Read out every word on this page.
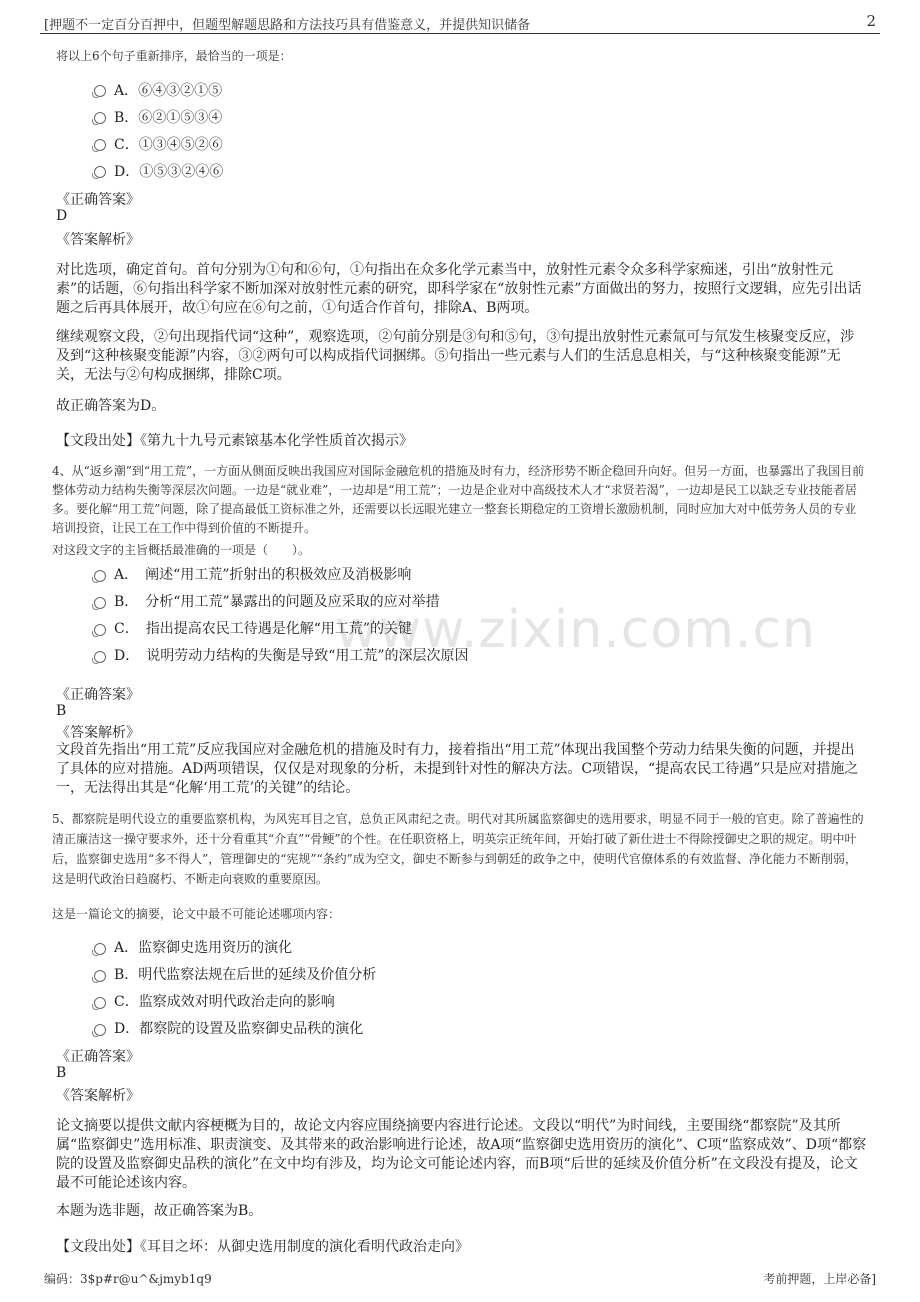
[押题不一定百分百押中，但题型解题思路和方法技巧具有借鉴意义，并提供知识储备	2
www.zixin.com.cn
将以上6个句子重新排序，最恰当的一项是：
A．⑥④③②①⑤
B．⑥②①⑤③④
C．①③④⑤②⑥
D．①⑤③②④⑥
《正确答案》
D
《答案解析》
对比选项，确定首句。首句分别为①句和⑥句，①句指出在众多化学元素当中，放射性元素令众多科学家痴迷，引出“放射性元素”的话题，⑥句指出科学家不断加深对放射性元素的研究，即科学家在“放射性元素”方面做出的努力，按照行文逻辑，应先引出话题之后再具体展开，故①句应在⑥句之前，①句适合作首句，排除A、B两项。
继续观察文段，②句出现指代词“这种”，观察选项，②句前分别是③句和⑤句，③句提出放射性元素氚可与氘发生核聚变反应，涉及到“这种核聚变能源”内容，③②两句可以构成指代词捆绑。⑤句指出一些元素与人们的生活息息相关，与“这种核聚变能源”无关，无法与②句构成捆绑，排除C项。
故正确答案为D。
【文段出处】《第九十九号元素锿基本化学性质首次揭示》
4、从“返乡潮”到“用工荒”，一方面从侧面反映出我国应对国际金融危机的措施及时有力，经济形势不断企稳回升向好。但另一方面，也暴露出了我国目前整体劳动力结构失衡等深层次问题。一边是“就业难”，一边却是“用工荒”；一边是企业对中高级技术人才“求贤若渴”，一边却是民工以缺乏专业技能者居多。要化解“用工荒”问题，除了提高最低工资标准之外，还需要以长远眼光建立一整套长期稳定的工资增长激励机制，同时应加大对中低劳务人员的专业培训投资，让民工在工作中得到价值的不断提升。
对这段文字的主旨概括最准确的一项是（　　）。
A．　阐述“用工荒”折射出的积极效应及消极影响
B．　分析“用工荒”暴露出的问题及应采取的应对举措
C．　指出提高农民工待遇是化解“用工荒”的关键
D．　说明劳动力结构的失衡是导致“用工荒”的深层次原因
《正确答案》
B
《答案解析》
文段首先指出“用工荒”反应我国应对金融危机的措施及时有力，接着指出“用工荒”体现出我国整个劳动力结果失衡的问题，并提出了具体的应对措施。AD两项错误，仅仅是对现象的分析，未提到针对性的解决方法。C项错误，“提高农民工待遇”只是应对措施之一，无法得出其是“化解‘用工荒’的关键”的结论。
5、都察院是明代设立的重要监察机构，为风宪耳目之官，总负正风肃纪之责。明代对其所属监察御史的选用要求，明显不同于一般的官吏。除了普遍性的清正廉洁这一操守要求外，还十分看重其“介直”“骨鲠”的个性。在任职资格上，明英宗正统年间，开始打破了新仕进士不得除授御史之职的规定。明中叶后，监察御史选用“多不得人”，管理御史的“宪规”“条约”成为空文，御史不断参与到朝廷的政争之中，使明代官僚体系的有效监督、净化能力不断削弱，这是明代政治日趋腐朽、不断走向衰败的重要原因。
这是一篇论文的摘要，论文中最不可能论述哪项内容：
A．监察御史选用资历的演化
B．明代监察法规在后世的延续及价值分析
C．监察成效对明代政治走向的影响
D．都察院的设置及监察御史品秩的演化
《正确答案》
B
《答案解析》
论文摘要以提供文献内容梗概为目的，故论文内容应围绕摘要内容进行论述。文段以“明代”为时间线，主要围绕“都察院”及其所属“监察御史”选用标准、职责演变、及其带来的政治影响进行论述，故A项“监察御史选用资历的演化”、C项“监察成效”、D项“都察院的设置及监察御史品秩的演化”在文中均有涉及，均为论文可能论述内容，而B项“后世的延续及价值分析”在文段没有提及，论文最不可能论述该内容。
本题为选非题，故正确答案为B。
【文段出处】《耳目之坏：从御史选用制度的演化看明代政治走向》
编码：3$p#r@u^&jmyb1q9	考前押题，上岸必备]
